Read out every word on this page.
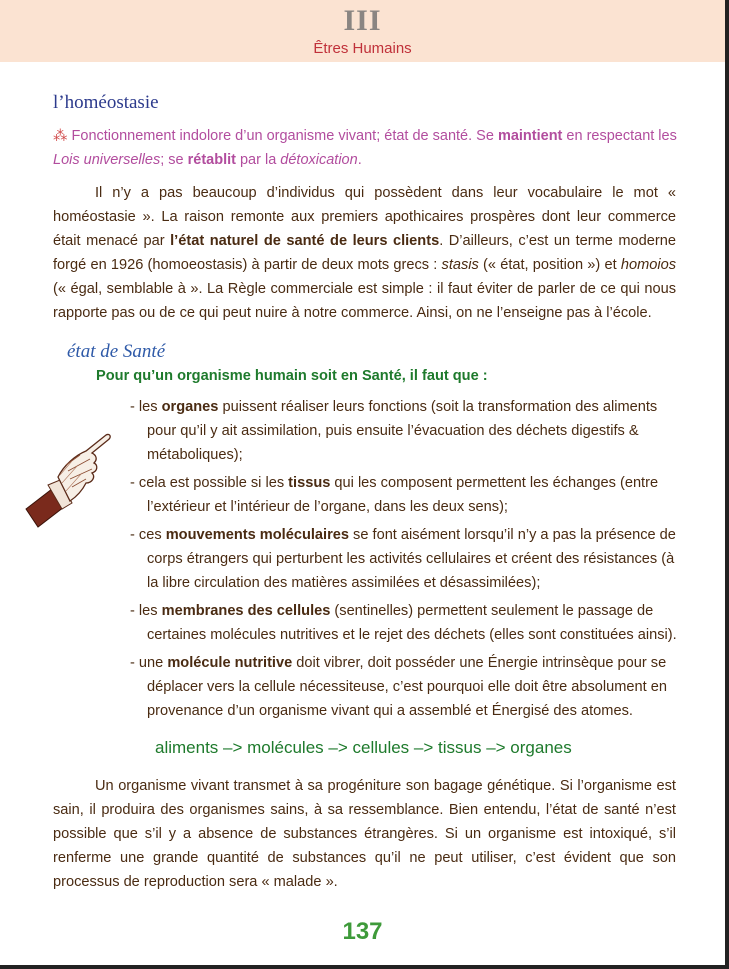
III
Êtres Humains
l’homéostasie
⁂ Fonctionnement indolore d’un organisme vivant; état de santé. Se maintient en respectant les Lois universelles; se rétablit par la détoxication.
Il n’y a pas beaucoup d’individus qui possèdent dans leur vocabulaire le mot « homéostasie ». La raison remonte aux premiers apothicaires prospères dont leur commerce était menacé par l’état naturel de santé de leurs clients. D’ailleurs, c’est un terme moderne forgé en 1926 (homoeostasis) à partir de deux mots grecs : stasis (« état, position ») et homoios (« égal, semblable à ». La Règle commerciale est simple : il faut éviter de parler de ce qui nous rapporte pas ou de ce qui peut nuire à notre commerce. Ainsi, on ne l’enseigne pas à l’école.
état de Santé
Pour qu’un organisme humain soit en Santé, il faut que :
- les organes puissent réaliser leurs fonctions (soit la transformation des aliments pour qu’il y ait assimilation, puis ensuite l’évacuation des déchets digestifs & métaboliques);
- cela est possible si les tissus qui les composent permettent les échanges (entre l’extérieur et l’intérieur de l’organe, dans les deux sens);
- ces mouvements moléculaires se font aisément lorsqu’il n’y a pas la présence de corps étrangers qui perturbent les activités cellulaires et créent des résistances (à la libre circulation des matières assimilées et désassimilées);
- les membranes des cellules (sentinelles) permettent seulement le passage de certaines molécules nutritives et le rejet des déchets (elles sont constituées ainsi).
- une molécule nutritive doit vibrer, doit posséder une Énergie intrinsèque pour se déplacer vers la cellule nécessiteuse, c’est pourquoi elle doit être absolument en provenance d’un organisme vivant qui a assemblé et Énergisé des atomes.
aliments –> molécules –> cellules –> tissus –> organes
Un organisme vivant transmet à sa progéniture son bagage génétique. Si l’organisme est sain, il produira des organismes sains, à sa ressemblance. Bien entendu, l’état de santé n’est possible que s’il y a absence de substances étrangères. Si un organisme est intoxiqué, s’il renferme une grande quantité de substances qu’il ne peut utiliser, c’est évident que son processus de reproduction sera « malade ».
137
